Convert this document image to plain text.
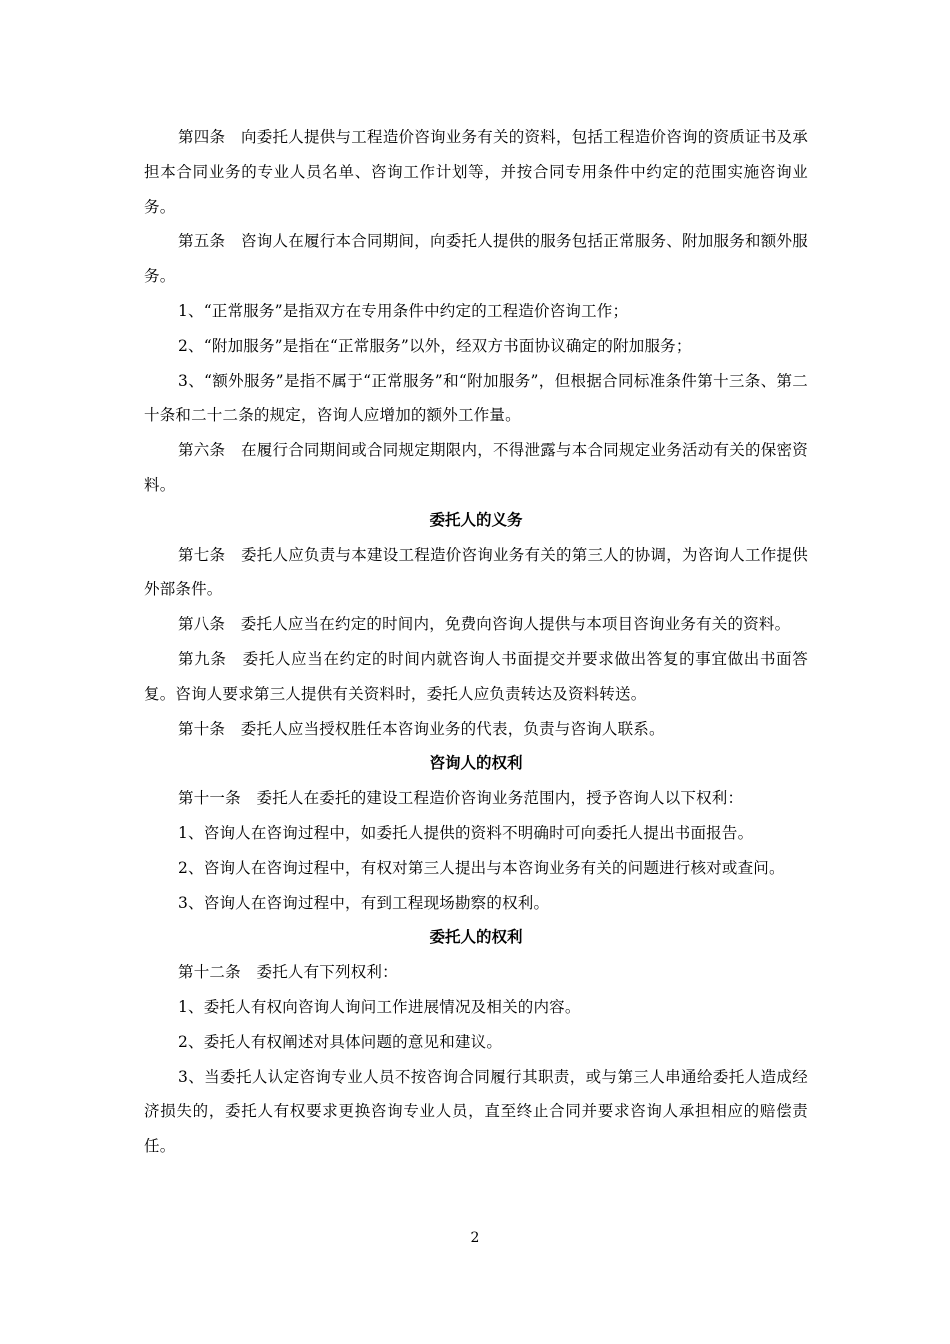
第四条　向委托人提供与工程造价咨询业务有关的资料，包括工程造价咨询的资质证书及承担本合同业务的专业人员名单、咨询工作计划等，并按合同专用条件中约定的范围实施咨询业务。

第五条　咨询人在履行本合同期间，向委托人提供的服务包括正常服务、附加服务和额外服务。

1、“正常服务”是指双方在专用条件中约定的工程造价咨询工作；

2、“附加服务”是指在“正常服务”以外，经双方书面协议确定的附加服务；

3、“额外服务”是指不属于“正常服务”和“附加服务”，但根据合同标准条件第十三条、第二十条和二十二条的规定，咨询人应增加的额外工作量。

第六条　在履行合同期间或合同规定期限内，不得泄露与本合同规定业务活动有关的保密资料。

委托人的义务

第七条　委托人应负责与本建设工程造价咨询业务有关的第三人的协调，为咨询人工作提供外部条件。

第八条　委托人应当在约定的时间内，免费向咨询人提供与本项目咨询业务有关的资料。

第九条　委托人应当在约定的时间内就咨询人书面提交并要求做出答复的事宜做出书面答复。咨询人要求第三人提供有关资料时，委托人应负责转达及资料转送。

第十条　委托人应当授权胜任本咨询业务的代表，负责与咨询人联系。

咨询人的权利

第十一条　委托人在委托的建设工程造价咨询业务范围内，授予咨询人以下权利：

1、咨询人在咨询过程中，如委托人提供的资料不明确时可向委托人提出书面报告。

2、咨询人在咨询过程中，有权对第三人提出与本咨询业务有关的问题进行核对或查问。

3、咨询人在咨询过程中，有到工程现场勘察的权利。

委托人的权利

第十二条　委托人有下列权利：

1、委托人有权向咨询人询问工作进展情况及相关的内容。

2、委托人有权阐述对具体问题的意见和建议。

3、当委托人认定咨询专业人员不按咨询合同履行其职责，或与第三人串通给委托人造成经济损失的，委托人有权要求更换咨询专业人员，直至终止合同并要求咨询人承担相应的赔偿责任。

2
